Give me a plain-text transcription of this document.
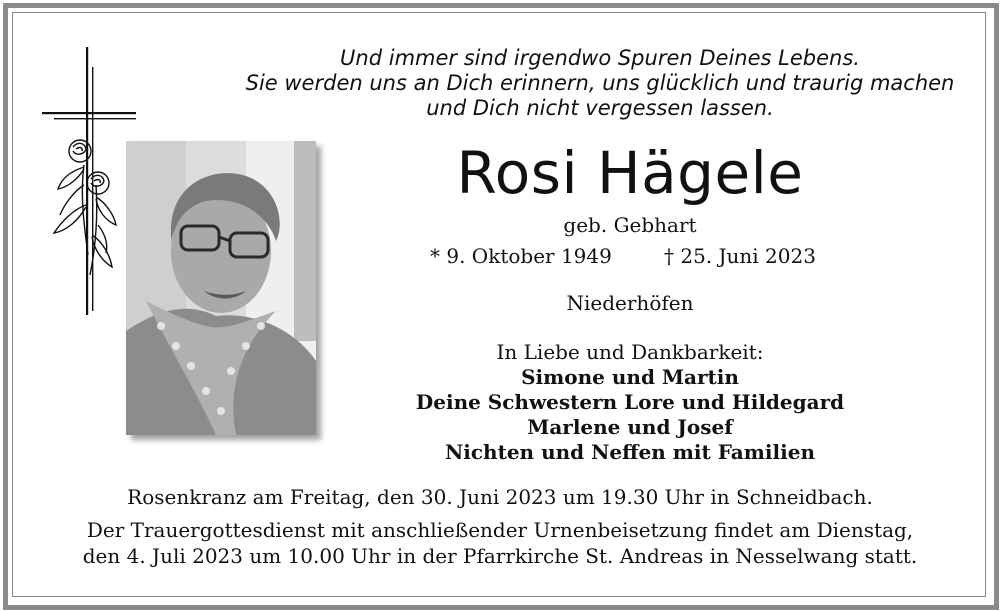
Und immer sind irgendwo Spuren Deines Lebens.
Sie werden uns an Dich erinnern, uns glücklich und traurig machen
und Dich nicht vergessen lassen.
Rosi Hägele
geb. Gebhart
* 9. Oktober 1949	† 25. Juni 2023
Niederhöfen
In Liebe und Dankbarkeit:
Simone und Martin
Deine Schwestern Lore und Hildegard
Marlene und Josef
Nichten und Neffen mit Familien
Rosenkranz am Freitag, den 30. Juni 2023 um 19.30 Uhr in Schneidbach.
Der Trauergottesdienst mit anschließender Urnenbeisetzung findet am Dienstag,
den 4. Juli 2023 um 10.00 Uhr in der Pfarrkirche St. Andreas in Nesselwang statt.
